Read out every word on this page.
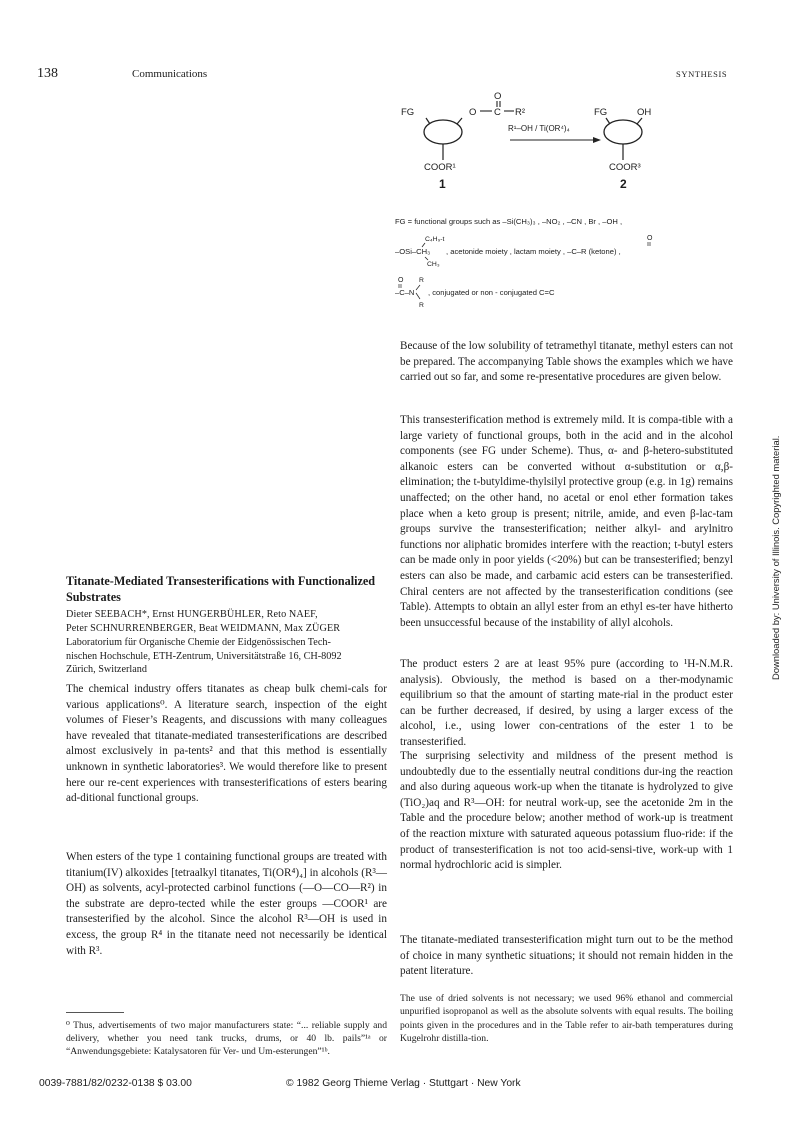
138	Communications	SYNTHESIS
FG	O
O
C R²
COOR¹
1
R¹–OH / Ti(OR⁴)₄
FG	OH
COOR³
2
FG = functional groups such as –Si(CH₃)₃ , –NO₂ , –CN , Br , –OH ,
C₄H₉-t
–OSi–CH₃
CH₃
O
, acetonide moiety , lactam moiety , –C–R (ketone) ,
O R
–C–N
R
, conjugated or non - conjugated C=C
Because of the low solubility of tetramethyl titanate, methyl esters can not be prepared. The accompanying Table shows the examples which we have carried out so far, and some re-presentative procedures are given below.
This transesterification method is extremely mild. It is compa-tible with a large variety of functional groups, both in the acid and in the alcohol components (see FG under Scheme). Thus, α- and β-hetero-substituted alkanoic esters can be converted without α-substitution or α,β-elimination; the t-butyldime-thylsilyl protective group (e.g. in 1g) remains unaffected; on the other hand, no acetal or enol ether formation takes place when a keto group is present; nitrile, amide, and even β-lac-tam groups survive the transesterification; neither alkyl- and arylnitro functions nor aliphatic bromides interfere with the reaction; t-butyl esters can be made only in poor yields (<20%) but can be transesterified; benzyl esters can also be made, and carbamic acid esters can be transesterified. Chiral centers are not affected by the transesterification conditions (see Table). Attempts to obtain an allyl ester from an ethyl es-ter have hitherto been unsuccessful because of the instability of allyl alcohols.
The product esters 2 are at least 95% pure (according to ¹H-N.M.R. analysis). Obviously, the method is based on a ther-modynamic equilibrium so that the amount of starting mate-rial in the product ester can be further decreased, if desired, by using a larger excess of the alcohol, i.e., using lower con-centrations of the ester 1 to be transesterified.
The surprising selectivity and mildness of the present method is undoubtedly due to the essentially neutral conditions dur-ing the reaction and also during aqueous work-up when the titanate is hydrolyzed to give (TiO₂)aq and R³—OH: for neutral work-up, see the acetonide 2m in the Table and the procedure below; another method of work-up is treatment of the reaction mixture with saturated aqueous potassium fluo-ride: if the product of transesterification is not too acid-sensi-tive, work-up with 1 normal hydrochloric acid is simpler.
The titanate-mediated transesterification might turn out to be the method of choice in many synthetic situations; it should not remain hidden in the patent literature.
The use of dried solvents is not necessary; we used 96% ethanol and commercial unpurified isopropanol as well as the absolute solvents with equal results. The boiling points given in the procedures and in the Table refer to air-bath temperatures during Kugelrohr distilla-tion.
Titanate-Mediated Transesterifications with Functionalized Substrates
Dieter SEEBACH*, Ernst HUNGERBÜHLER, Reto NAEF,
Peter SCHNURRENBERGER, Beat WEIDMANN, Max ZÜGER
Laboratorium für Organische Chemie der Eidgenössischen Tech-
nischen Hochschule, ETH-Zentrum, Universitätstraße 16, CH-8092
Zürich, Switzerland
The chemical industry offers titanates as cheap bulk chemi-cals for various applications⁰. A literature search, inspection of the eight volumes of Fieser’s Reagents, and discussions with many colleagues have revealed that titanate-mediated transesterifications are described almost exclusively in pa-tents² and that this method is essentially unknown in synthetic laboratories³. We would therefore like to present here our re-cent experiences with transesterifications of esters bearing ad-ditional functional groups.
When esters of the type 1 containing functional groups are treated with titanium(IV) alkoxides [tetraalkyl titanates, Ti(OR⁴)₄] in alcohols (R³—OH) as solvents, acyl-protected carbinol functions (—O—CO—R²) in the substrate are depro-tected while the ester groups —COOR¹ are transesterified by the alcohol. Since the alcohol R³—OH is used in excess, the group R⁴ in the titanate need not necessarily be identical with R³.
⁰ Thus, advertisements of two major manufacturers state: “... reliable supply and delivery, whether you need tank trucks, drums, or 40 lb. pails”¹ᵃ or “Anwendungsgebiete: Katalysatoren für Ver- und Um-esterungen”¹ᵇ.
0039-7881/82/0232-0138 $ 03.00	© 1982 Georg Thieme Verlag · Stuttgart · New York
Downloaded by: University of Illinois. Copyrighted material.
